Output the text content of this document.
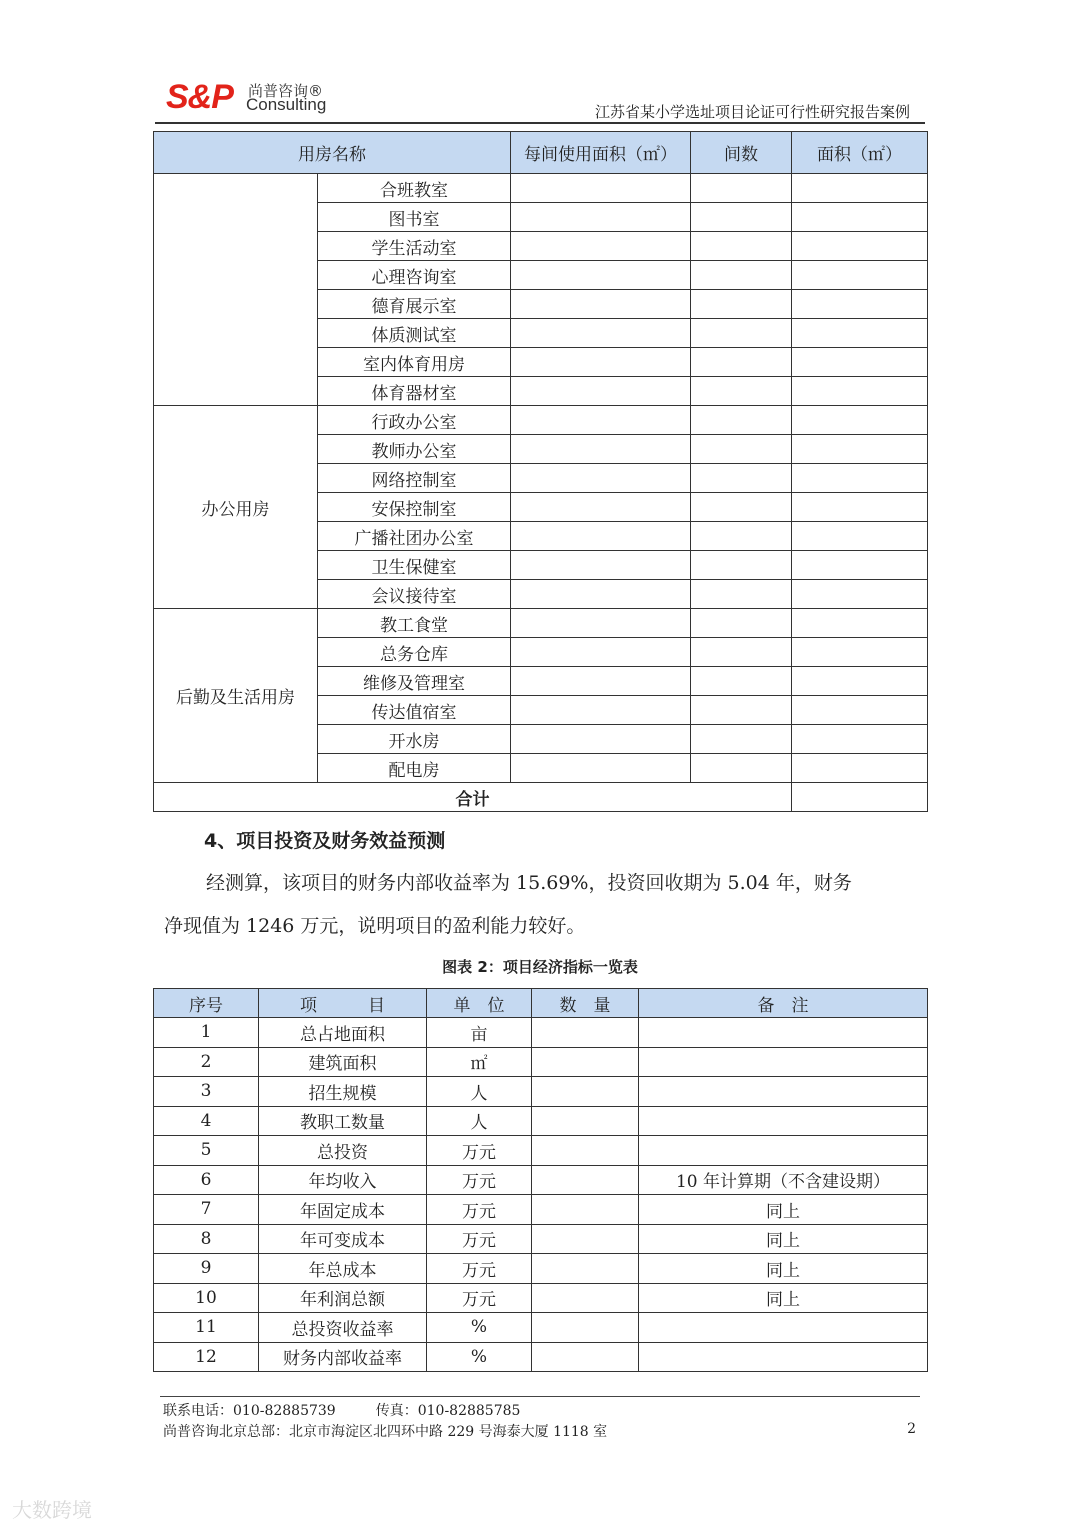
S&P 尚普咨询®
Consulting	江苏省某小学选址项目论证可行性研究报告案例
用房名称		每间使用面积（㎡）	间数	面积（㎡）
	合班教室			
	图书室			
	学生活动室			
	心理咨询室			
	德育展示室			
	体质测试室			
	室内体育用房			
	体育器材室			
办公用房	行政办公室			
	教师办公室			
	网络控制室			
	安保控制室			
	广播社团办公室			
	卫生保健室			
	会议接待室			
后勤及生活用房	教工食堂			
	总务仓库			
	维修及管理室			
	传达值宿室			
	开水房			
	配电房			
合计				
4、项目投资及财务效益预测
经测算，该项目的财务内部收益率为 15.69%，投资回收期为 5.04 年，财务
净现值为 1246 万元，说明项目的盈利能力较好。
图表 2：项目经济指标一览表
序号	项　　　目	单　位	数　量	备　注
1	总占地面积	亩		
2	建筑面积	㎡		
3	招生规模	人		
4	教职工数量	人		
5	总投资	万元		
6	年均收入	万元		10 年计算期（不含建设期）
7	年固定成本	万元		同上
8	年可变成本	万元		同上
9	年总成本	万元		同上
10	年利润总额	万元		同上
11	总投资收益率	%		
12	财务内部收益率	%		
联系电话：010-82885739	传真：010-82885785
尚普咨询北京总部：北京市海淀区北四环中路 229 号海泰大厦 1118 室	2
大数跨境
